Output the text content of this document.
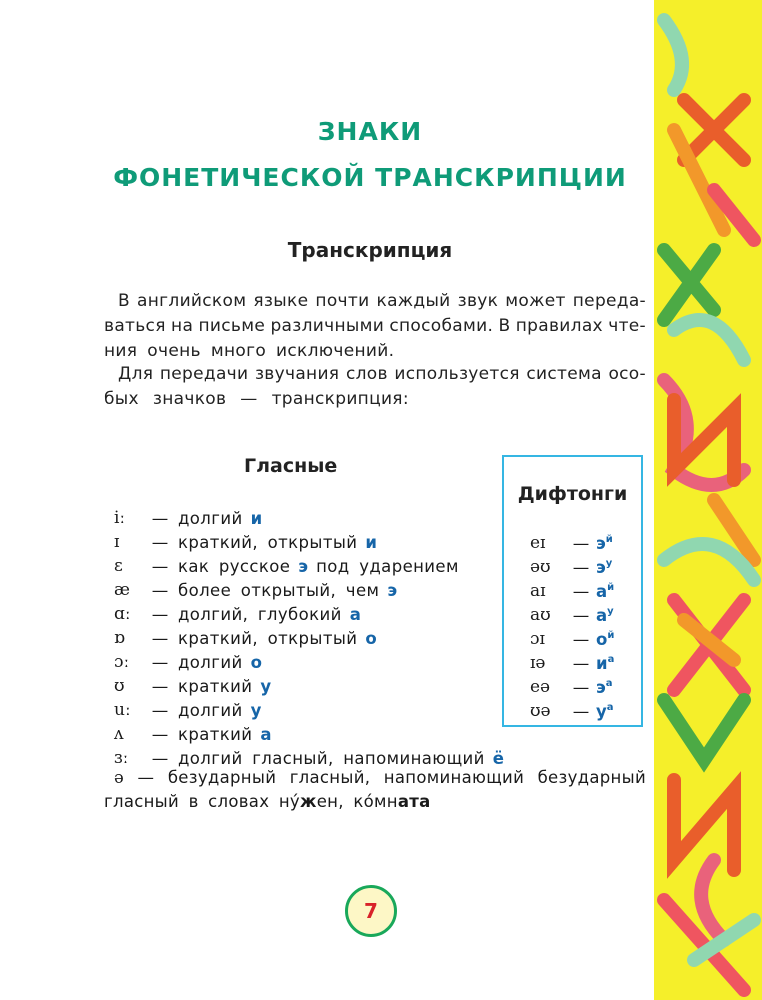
ЗНАКИ
ФОНЕТИЧЕСКОЙ ТРАНСКРИПЦИИ
Транскрипция
В английском языке почти каждый звук может переда-
ваться на письме различными способами. В правилах чте-
ния очень много исключений.
Для передачи звучания слов используется система осо-
бых значков — транскрипция:
Гласные
iː	— долгий и
ɪ	— краткий, открытый и
ɛ	— как русское э под ударением
æ	— более открытый, чем э
ɑː	— долгий, глубокий а
ɒ	— краткий, открытый о
ɔː	— долгий о
ʊ	— краткий у
uː	— долгий у
ʌ	— краткий а
ɜː	— долгий гласный, напоминающий ё
ə — безударный гласный, напоминающий безударный
гласный в словах ну́жен, ко́мната
Дифтонги
eɪ	— $э^й$
əʊ	— $э^у$
aɪ	— $а^й$
aʊ	— $а^у$
ɔɪ	— $о^й$
ɪə	— $и^а$
eə	— $э^а$
ʊə	— $у^а$
7
